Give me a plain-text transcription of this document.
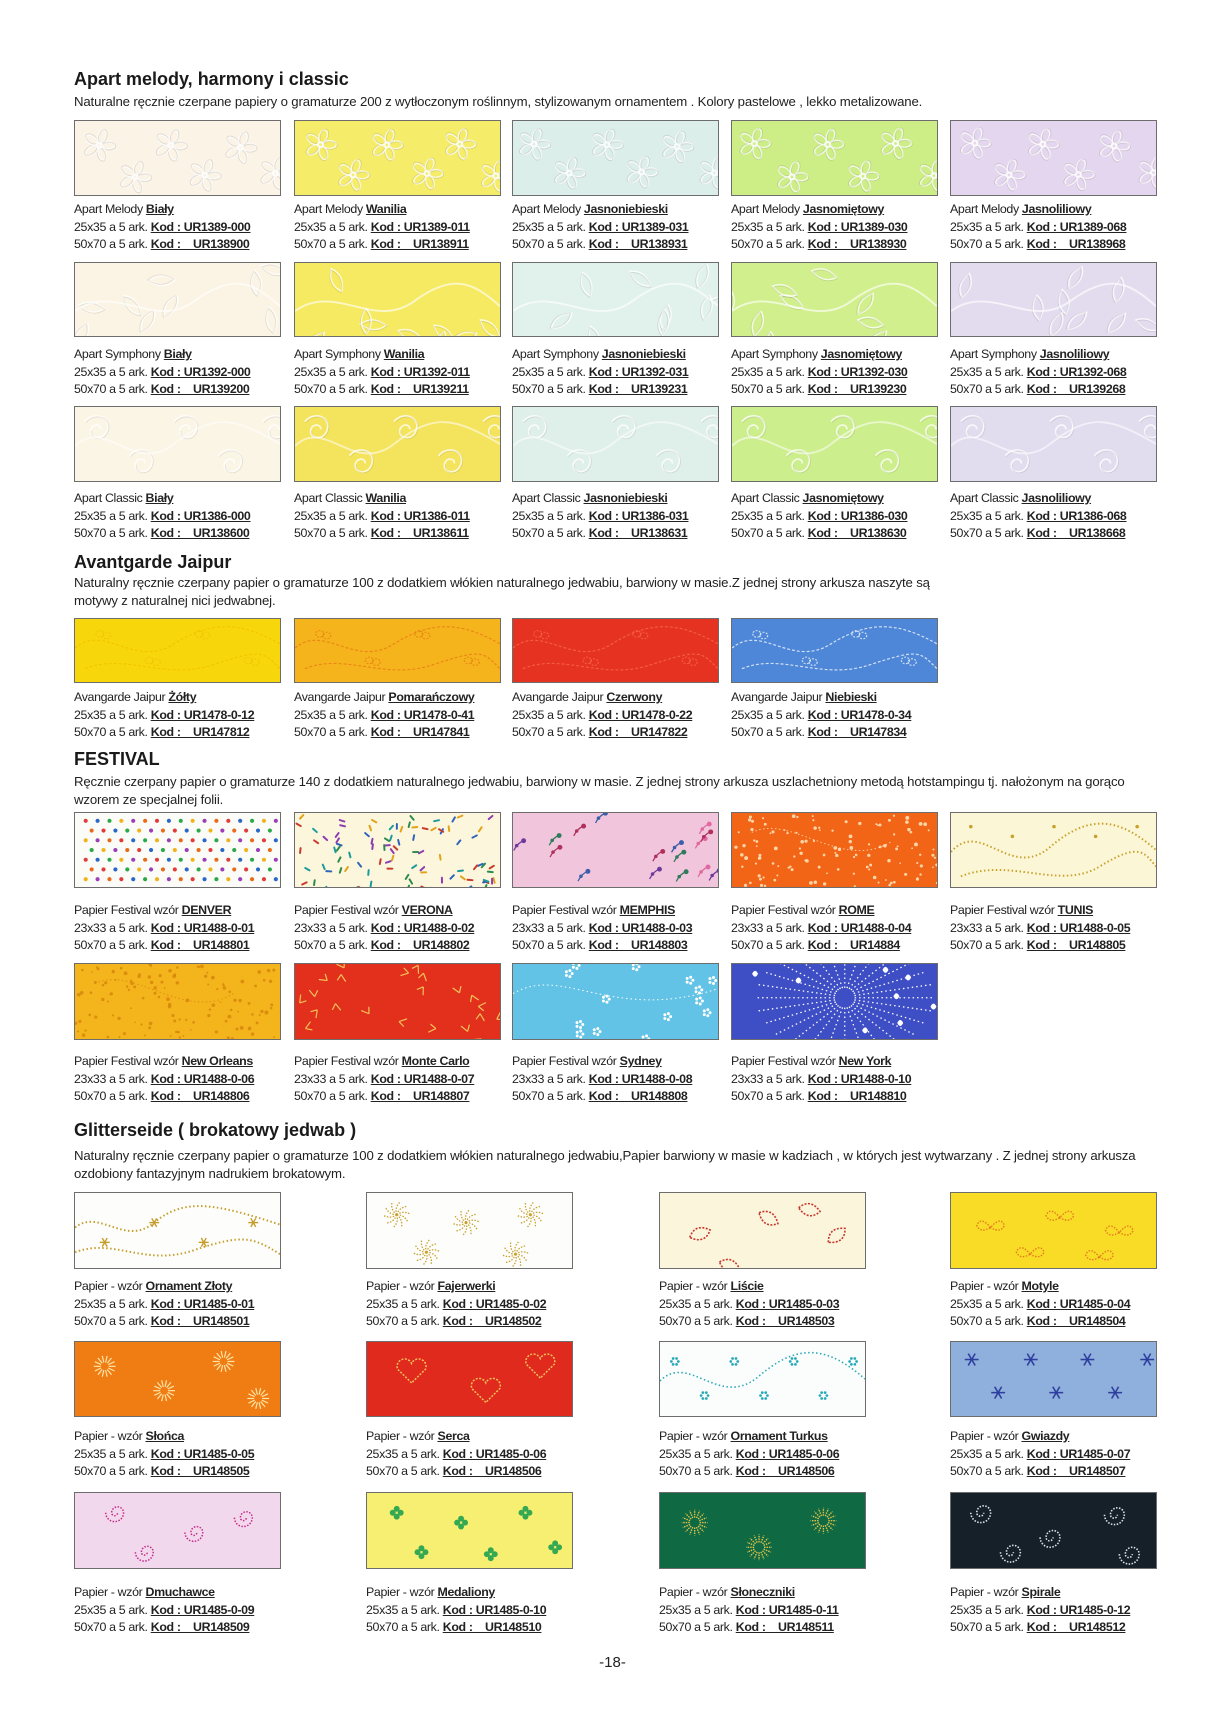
Apart melody, harmony i classic

Naturalne ręcznie czerpane papiery o gramaturze 200 z wytłoczonym roślinnym, stylizowanym ornamentem . Kolory pastelowe , lekko metalizowane.

Avantgarde Jaipur

Naturalny ręcznie czerpany papier o gramaturze 100 z dodatkiem włókien naturalnego jedwabiu, barwiony w masie.Z jednej strony arkusza naszyte są motywy z naturalnej nici jedwabnej.

FESTIVAL

Ręcznie czerpany papier o gramaturze 140 z dodatkiem naturalnego jedwabiu, barwiony w masie. Z jednej strony arkusza uszlachetniony metodą hotstampingu tj. nałożonym na gorąco wzorem ze specjalnej folii.

Glitterseide ( brokatowy jedwab )

Naturalny ręcznie czerpany papier o gramaturze 100 z dodatkiem włókien naturalnego jedwabiu,Papier barwiony w masie w kadziach , w których jest wytwarzany . Z jednej strony arkusza ozdobiony fantazyjnym nadrukiem brokatowym.

Apart Melody Biały
25x35 a 5 ark. Kod : UR1389-000
50x70 a 5 ark. Kod :    UR138900
Apart Melody Wanilia
25x35 a 5 ark. Kod : UR1389-011
50x70 a 5 ark. Kod :    UR138911
Apart Melody Jasnoniebieski
25x35 a 5 ark. Kod : UR1389-031
50x70 a 5 ark. Kod :    UR138931
Apart Melody Jasnomiętowy
25x35 a 5 ark. Kod : UR1389-030
50x70 a 5 ark. Kod :    UR138930
Apart Melody Jasnoliliowy
25x35 a 5 ark. Kod : UR1389-068
50x70 a 5 ark. Kod :    UR138968
Apart Symphony Biały
25x35 a 5 ark. Kod : UR1392-000
50x70 a 5 ark. Kod :    UR139200
Apart Symphony Wanilia
25x35 a 5 ark. Kod : UR1392-011
50x70 a 5 ark. Kod :    UR139211
Apart Symphony Jasnoniebieski
25x35 a 5 ark. Kod : UR1392-031
50x70 a 5 ark. Kod :    UR139231
Apart Symphony Jasnomiętowy
25x35 a 5 ark. Kod : UR1392-030
50x70 a 5 ark. Kod :    UR139230
Apart Symphony Jasnoliliowy
25x35 a 5 ark. Kod : UR1392-068
50x70 a 5 ark. Kod :    UR139268
Apart Classic Biały
25x35 a 5 ark. Kod : UR1386-000
50x70 a 5 ark. Kod :    UR138600
Apart Classic Wanilia
25x35 a 5 ark. Kod : UR1386-011
50x70 a 5 ark. Kod :    UR138611
Apart Classic Jasnoniebieski
25x35 a 5 ark. Kod : UR1386-031
50x70 a 5 ark. Kod :    UR138631
Apart Classic Jasnomiętowy
25x35 a 5 ark. Kod : UR1386-030
50x70 a 5 ark. Kod :    UR138630
Apart Classic Jasnoliliowy
25x35 a 5 ark. Kod : UR1386-068
50x70 a 5 ark. Kod :    UR138668
Avangarde Jaipur Żółty
25x35 a 5 ark. Kod : UR1478-0-12
50x70 a 5 ark. Kod :    UR147812
Avangarde Jaipur Pomarańczowy
25x35 a 5 ark. Kod : UR1478-0-41
50x70 a 5 ark. Kod :    UR147841
Avangarde Jaipur Czerwony
25x35 a 5 ark. Kod : UR1478-0-22
50x70 a 5 ark. Kod :    UR147822
Avangarde Jaipur Niebieski
25x35 a 5 ark. Kod : UR1478-0-34
50x70 a 5 ark. Kod :    UR147834
Papier Festival wzór DENVER
23x33 a 5 ark. Kod : UR1488-0-01
50x70 a 5 ark. Kod :    UR148801
Papier Festival wzór VERONA
23x33 a 5 ark. Kod : UR1488-0-02
50x70 a 5 ark. Kod :    UR148802
Papier Festival wzór MEMPHIS
23x33 a 5 ark. Kod : UR1488-0-03
50x70 a 5 ark. Kod :    UR148803
Papier Festival wzór ROME
23x33 a 5 ark. Kod : UR1488-0-04
50x70 a 5 ark. Kod :    UR14884
Papier Festival wzór TUNIS
23x33 a 5 ark. Kod : UR1488-0-05
50x70 a 5 ark. Kod :    UR148805
Papier Festival wzór New Orleans
23x33 a 5 ark. Kod : UR1488-0-06
50x70 a 5 ark. Kod :    UR148806
Papier Festival wzór Monte Carlo
23x33 a 5 ark. Kod : UR1488-0-07
50x70 a 5 ark. Kod :    UR148807
Papier Festival wzór Sydney
23x33 a 5 ark. Kod : UR1488-0-08
50x70 a 5 ark. Kod :    UR148808
Papier Festival wzór New York
23x33 a 5 ark. Kod : UR1488-0-10
50x70 a 5 ark. Kod :    UR148810
Papier - wzór Ornament Złoty
25x35 a 5 ark. Kod : UR1485-0-01
50x70 a 5 ark. Kod :    UR148501
Papier - wzór Fajerwerki
25x35 a 5 ark. Kod : UR1485-0-02
50x70 a 5 ark. Kod :    UR148502
Papier - wzór Liście
25x35 a 5 ark. Kod : UR1485-0-03
50x70 a 5 ark. Kod :    UR148503
Papier - wzór Motyle
25x35 a 5 ark. Kod : UR1485-0-04
50x70 a 5 ark. Kod :    UR148504
Papier - wzór Słońca
25x35 a 5 ark. Kod : UR1485-0-05
50x70 a 5 ark. Kod :    UR148505
Papier - wzór Serca
25x35 a 5 ark. Kod : UR1485-0-06
50x70 a 5 ark. Kod :    UR148506
Papier - wzór Ornament Turkus
25x35 a 5 ark. Kod : UR1485-0-06
50x70 a 5 ark. Kod :    UR148506
Papier - wzór Gwiazdy
25x35 a 5 ark. Kod : UR1485-0-07
50x70 a 5 ark. Kod :    UR148507
Papier - wzór Dmuchawce
25x35 a 5 ark. Kod : UR1485-0-09
50x70 a 5 ark. Kod :    UR148509
Papier - wzór Medaliony
25x35 a 5 ark. Kod : UR1485-0-10
50x70 a 5 ark. Kod :    UR148510
Papier - wzór Słoneczniki
25x35 a 5 ark. Kod : UR1485-0-11
50x70 a 5 ark. Kod :    UR148511
Papier - wzór Spirale
25x35 a 5 ark. Kod : UR1485-0-12
50x70 a 5 ark. Kod :    UR148512
-18-
